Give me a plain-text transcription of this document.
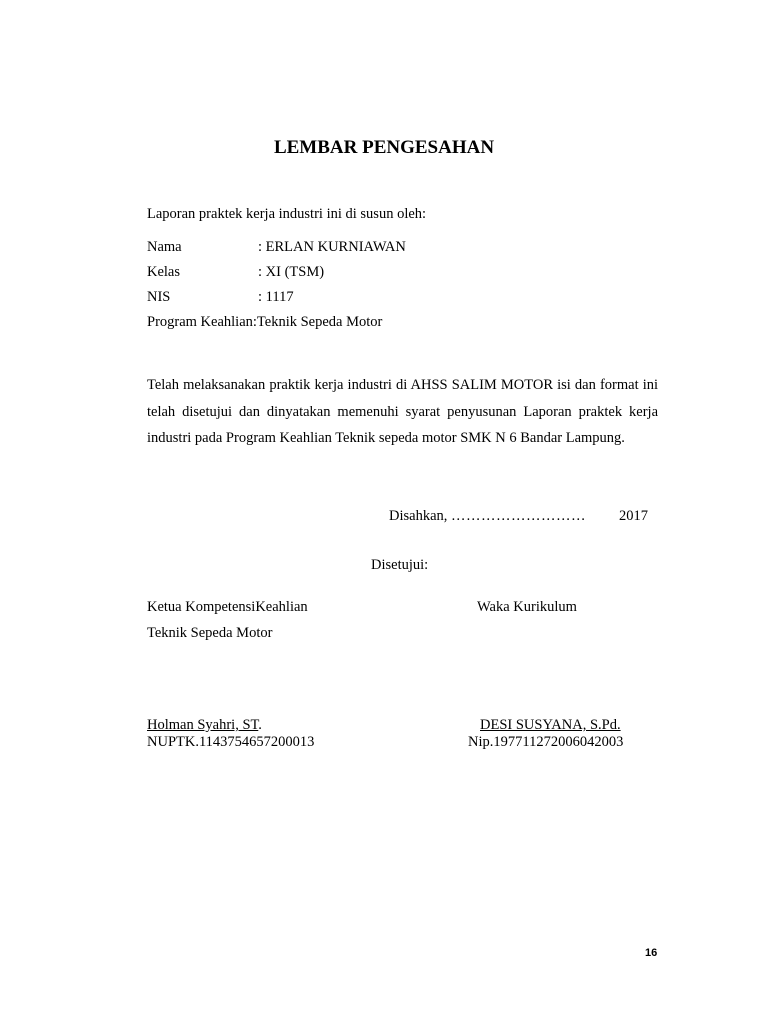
LEMBAR PENGESAHAN
Laporan praktek kerja industri ini di susun oleh:
Nama	: ERLAN KURNIAWAN
Kelas	: XI (TSM)
NIS	: 1117
Program Keahlian:Teknik Sepeda Motor
Telah melaksanakan praktik kerja industri di AHSS SALIM MOTOR isi dan format ini telah disetujui dan dinyatakan memenuhi syarat penyusunan Laporan praktek kerja industri pada Program Keahlian Teknik sepeda motor SMK N 6 Bandar Lampung.
Disahkan, ……………………… 2017
Disetujui:
Ketua KompetensiKeahlian
Teknik Sepeda Motor
Waka Kurikulum
Holman Syahri, ST.
NUPTK.1143754657200013
DESI SUSYANA, S.Pd.
Nip.197711272006042003
16
